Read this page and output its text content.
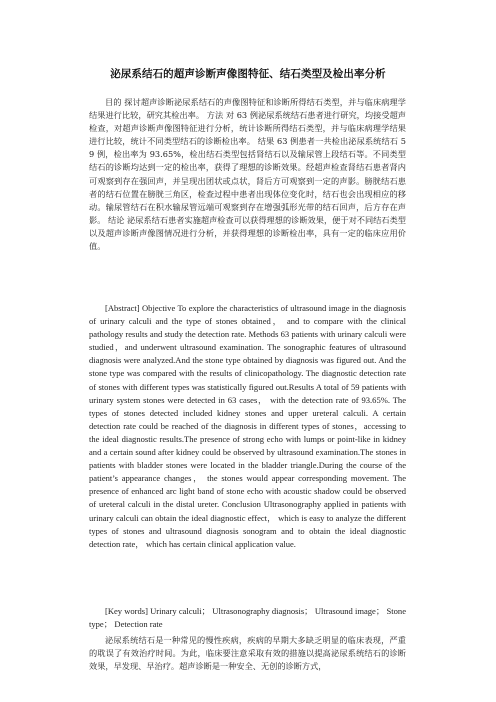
泌尿系结石的超声诊断声像图特征、结石类型及检出率分析

目的 探讨超声诊断泌尿系结石的声像图特征和诊断所得结石类型，并与临床病理学结果进行比较，研究其检出率。 方法 对 63 例泌尿系统结石患者进行研究，均接受超声检查，对超声诊断声像图特征进行分析，统计诊断所得结石类型，并与临床病理学结果进行比较，统计不同类型结石的诊断检出率。 结果 63 例患者一共检出泌尿系统结石 59 例，检出率为 93.65%，检出结石类型包括肾结石以及输尿管上段结石等。不同类型结石的诊断均达到一定的检出率，获得了理想的诊断效果。经超声检查肾结石患者肾内可观察到存在强回声，并呈现出团状或点状，肾后方可观察到一定的声影。膀胱结石患者的结石位置在膀胱三角区，检查过程中患者出现体位变化时，结石也会出现相应的移动。输尿管结石在积水输尿管远端可观察到存在增强弧形光带的结石回声，后方存在声影。 结论 泌尿系结石患者实施超声检查可以获得理想的诊断效果，便于对不同结石类型以及超声诊断声像图情况进行分析，并获得理想的诊断检出率，具有一定的临床应用价值。

[Abstract] Objective To explore the characteristics of ultrasound image in the diagnosis of urinary calculi and the type of stones obtained， and to compare with the clinical pathology results and study the detection rate. Methods 63 patients with urinary calculi were studied，and underwent ultrasound examination. The sonographic features of ultrasound diagnosis were analyzed.And the stone type obtained by diagnosis was figured out. And the stone type was compared with the results of clinicopathology. The diagnostic detection rate of stones with different types was statistically figured out.Results A total of 59 patients with urinary system stones were detected in 63 cases， with the detection rate of 93.65%. The types of stones detected included kidney stones and upper ureteral calculi. A certain detection rate could be reached of the diagnosis in different types of stones，accessing to the ideal diagnostic results.The presence of strong echo with lumps or point-like in kidney and a certain sound after kidney could be observed by ultrasound examination.The stones in patients with bladder stones were located in the bladder triangle.During the course of the patient’s appearance changes， the stones would appear corresponding movement. The presence of enhanced arc light band of stone echo with acoustic shadow could be observed of ureteral calculi in the distal ureter. Conclusion Ultrasonography applied in patients with urinary calculi can obtain the ideal diagnostic effect， which is easy to analyze the different types of stones and ultrasound diagnosis sonogram and to obtain the ideal diagnostic detection rate， which has certain clinical application value.

[Key words] Urinary calculi； Ultrasonography diagnosis； Ultrasound image； Stone type； Detection rate

泌尿系统结石是一种常见的慢性疾病，疾病的早期大多缺乏明显的临床表现，严重的耽误了有效治疗时间。为此，临床要注意采取有效的措施以提高泌尿系统结石的诊断效果，早发现、早治疗。超声诊断是一种安全、无创的诊断方式，
